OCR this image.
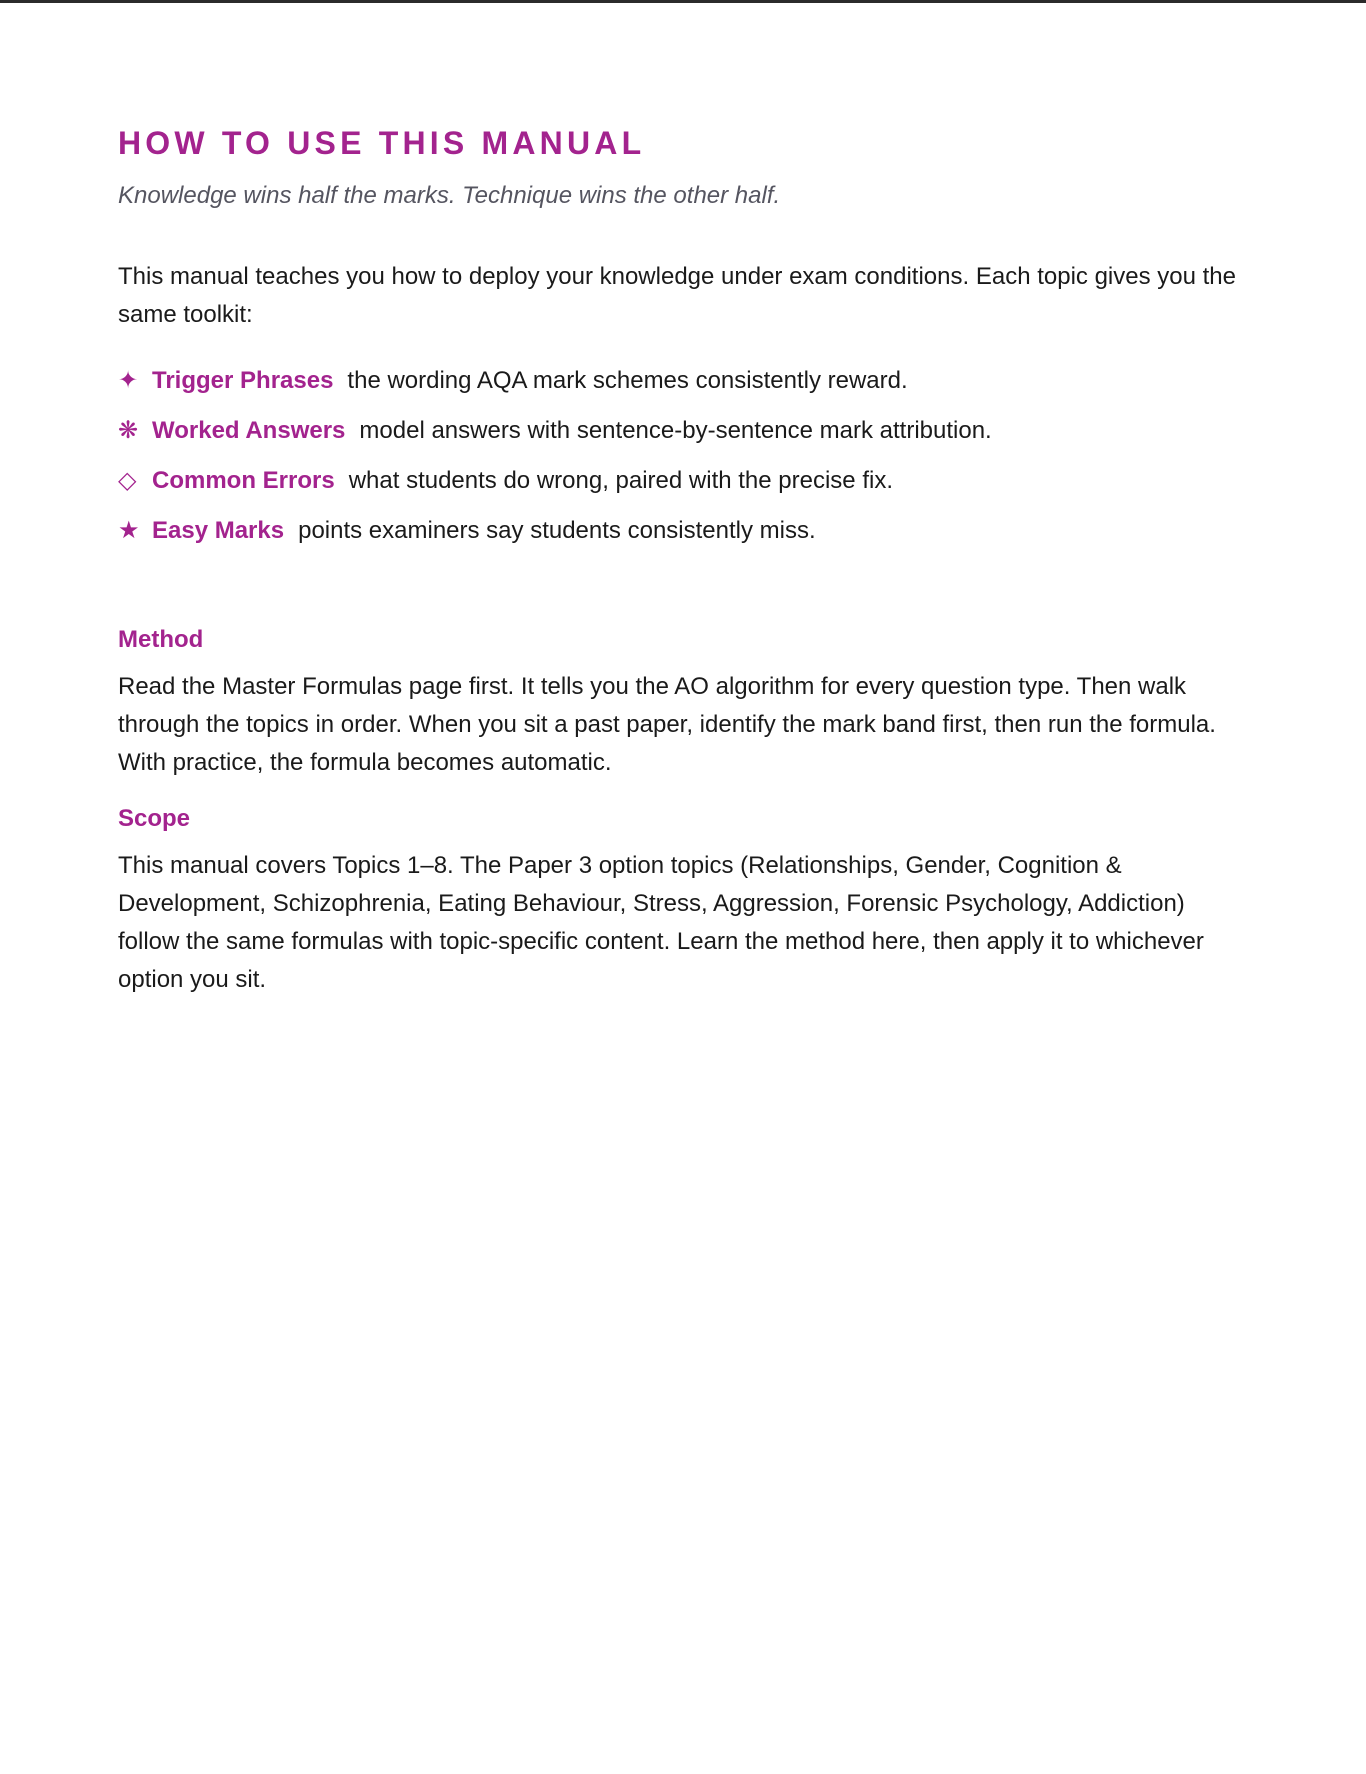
HOW TO USE THIS MANUAL

Knowledge wins half the marks. Technique wins the other half.

This manual teaches you how to deploy your knowledge under exam conditions. Each topic gives you the same toolkit:

✦ Trigger Phrases the wording AQA mark schemes consistently reward.
❋ Worked Answers model answers with sentence-by-sentence mark attribution.
◇ Common Errors what students do wrong, paired with the precise fix.
★ Easy Marks points examiners say students consistently miss.
Method

Read the Master Formulas page first. It tells you the AO algorithm for every question type. Then walk through the topics in order. When you sit a past paper, identify the mark band first, then run the formula. With practice, the formula becomes automatic.

Scope

This manual covers Topics 1–8. The Paper 3 option topics (Relationships, Gender, Cognition & Development, Schizophrenia, Eating Behaviour, Stress, Aggression, Forensic Psychology, Addiction) follow the same formulas with topic-specific content. Learn the method here, then apply it to whichever option you sit.
